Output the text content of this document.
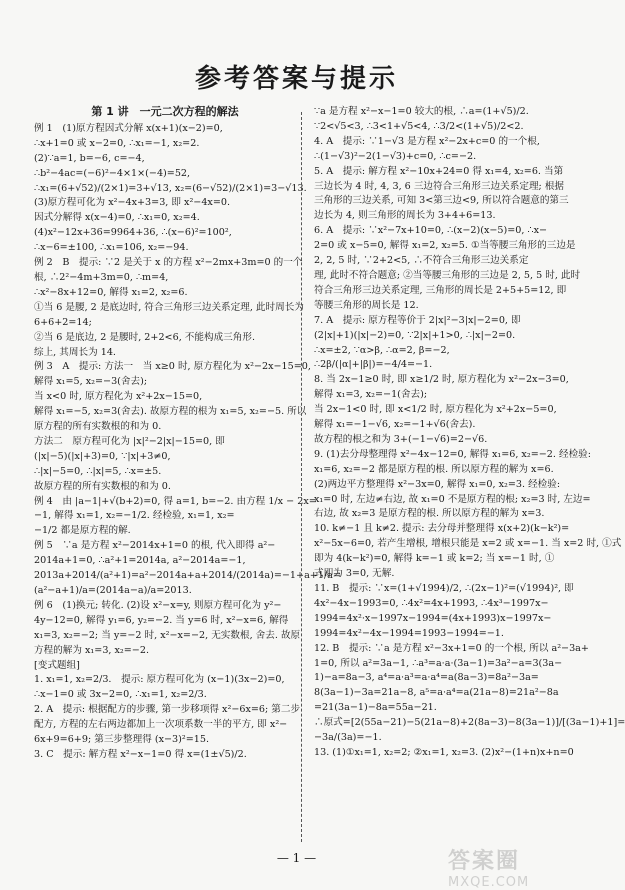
参考答案与提示
第 1 讲　一元二次方程的解法
例 1　(1)原方程因式分解 x(x+1)(x−2)=0,
∴x+1=0 或 x−2=0, ∴x₁=−1, x₂=2.
(2)∵a=1, b=−6, c=−4,
∴b²−4ac=(−6)²−4×1×(−4)=52,
∴x₁=(6+√52)/(2×1)=3+√13, x₂=(6−√52)/(2×1)=3−√13.
(3)原方程可化为 x²−4x+3=3, 即 x²−4x=0.
因式分解得 x(x−4)=0, ∴x₁=0, x₂=4.
(4)x²−12x+36=9964+36, ∴(x−6)²=100²,
∴x−6=±100, ∴x₁=106, x₂=−94.
例 2　B　提示: ∵2 是关于 x 的方程 x²−2mx+3m=0 的一个
根, ∴2²−4m+3m=0, ∴m=4,
∴x²−8x+12=0, 解得 x₁=2, x₂=6.
①当 6 是腰, 2 是底边时, 符合三角形三边关系定理, 此时周长为
6+6+2=14;
②当 6 是底边, 2 是腰时, 2+2<6, 不能构成三角形.
综上, 其周长为 14.
例 3　A　提示: 方法一　当 x≥0 时, 原方程化为 x²−2x−15=0,
解得 x₁=5, x₂=−3(舍去);
当 x<0 时, 原方程化为 x²+2x−15=0,
解得 x₁=−5, x₂=3(舍去). 故原方程的根为 x₁=5, x₂=−5. 所以
原方程的所有实数根的和为 0.
方法二　原方程可化为 |x|²−2|x|−15=0, 即
(|x|−5)(|x|+3)=0, ∵|x|+3≠0,
∴|x|−5=0, ∴|x|=5, ∴x=±5.
故原方程的所有实数根的和为 0.
例 4　由 |a−1|+√(b+2)=0, 得 a=1, b=−2. 由方程 1/x − 2x=
−1, 解得 x₁=1, x₂=−1/2. 经检验, x₁=1, x₂=
−1/2 都是原方程的解.
例 5　∵a 是方程 x²−2014x+1=0 的根, 代入即得 a²−
2014a+1=0, ∴a²+1=2014a, a²−2014a=−1,
2013a+2014/(a²+1)=a²−2014a+a+2014/(2014a)=−1+a+1/a=
(a²−a+1)/a=(2014a−a)/a=2013.
例 6　(1)换元; 转化. (2)设 x²−x=y, 则原方程可化为 y²−
4y−12=0, 解得 y₁=6, y₂=−2. 当 y=6 时, x²−x=6, 解得
x₁=3, x₂=−2; 当 y=−2 时, x²−x=−2, 无实数根, 舍去. 故原
方程的解为 x₁=3, x₂=−2.
[变式题组]
1. x₁=1, x₂=2/3.　提示: 原方程可化为 (x−1)(3x−2)=0,
∴x−1=0 或 3x−2=0, ∴x₁=1, x₂=2/3.
2. A　提示: 根据配方的步骤, 第一步移项得 x²−6x=6; 第二步
配方, 方程的左右两边都加上一次项系数一半的平方, 即 x²−
6x+9=6+9; 第三步整理得 (x−3)²=15.
3. C　提示: 解方程 x²−x−1=0 得 x=(1±√5)/2.
∵a 是方程 x²−x−1=0 较大的根, ∴a=(1+√5)/2.
∵2<√5<3, ∴3<1+√5<4, ∴3/2<(1+√5)/2<2.
4. A　提示: ∵1−√3 是方程 x²−2x+c=0 的一个根,
∴(1−√3)²−2(1−√3)+c=0, ∴c=−2.
5. A　提示: 解方程 x²−10x+24=0 得 x₁=4, x₂=6. 当第
三边长为 4 时, 4, 3, 6 三边符合三角形三边关系定理; 根据
三角形的三边关系, 可知 3<第三边<9, 所以符合题意的第三
边长为 4, 则三角形的周长为 3+4+6=13.
6. A　提示: ∵x²−7x+10=0, ∴(x−2)(x−5)=0, ∴x−
2=0 或 x−5=0, 解得 x₁=2, x₂=5. ①当等腰三角形的三边是
2, 2, 5 时, ∵2+2<5, ∴不符合三角形三边关系定
理, 此时不符合题意; ②当等腰三角形的三边是 2, 5, 5 时, 此时
符合三角形三边关系定理, 三角形的周长是 2+5+5=12, 即
等腰三角形的周长是 12.
7. A　提示: 原方程等价于 2|x|²−3|x|−2=0, 即
(2|x|+1)(|x|−2)=0, ∵2|x|+1>0, ∴|x|−2=0.
∴x=±2, ∵α>β, ∴α=2, β=−2,
∴2β/(|α|+|β|)=−4/4=−1.
8. 当 2x−1≥0 时, 即 x≥1/2 时, 原方程化为 x²−2x−3=0,
解得 x₁=3, x₂=−1(舍去);
当 2x−1<0 时, 即 x<1/2 时, 原方程化为 x²+2x−5=0,
解得 x₁=−1−√6, x₂=−1+√6(舍去).
故方程的根之和为 3+(−1−√6)=2−√6.
9. (1)去分母整理得 x²−4x−12=0, 解得 x₁=6, x₂=−2. 经检验:
x₁=6, x₂=−2 都是原方程的根. 所以原方程的解为 x=6.
(2)两边平方整理得 x²−3x=0, 解得 x₁=0, x₂=3. 经检验:
x₁=0 时, 左边≠右边, 故 x₁=0 不是原方程的根; x₂=3 时, 左边=
右边, 故 x₂=3 是原方程的根. 所以原方程的解为 x=3.
10. k≠−1 且 k≠2. 提示: 去分母并整理得 x(x+2)(k−k²)=
x²−5x−6=0, 若产生增根, 增根只能是 x=2 或 x=−1. 当 x=2 时, ①式
即为 4(k−k²)=0, 解得 k=−1 或 k=2; 当 x=−1 时, ①
式即为 3=0, 无解.
11. B　提示: ∵x=(1+√1994)/2, ∴(2x−1)²=(√1994)², 即
4x²−4x−1993=0, ∴4x²=4x+1993, ∴4x³−1997x−
1994=4x²·x−1997x−1994=(4x+1993)x−1997x−
1994=4x²−4x−1994=1993−1994=−1.
12. B　提示: ∵a 是方程 x²−3x+1=0 的一个根, 所以 a²−3a+
1=0, 所以 a²=3a−1, ∴a³=a·a·(3a−1)=3a²−a=3(3a−
1)−a=8a−3, a⁴=a·a³=a·a⁴=a(8a−3)=8a²−3a=
8(3a−1)−3a=21a−8, a⁵=a·a⁴=a(21a−8)=21a²−8a
=21(3a−1)−8a=55a−21.
∴原式=[2(55a−21)−5(21a−8)+2(8a−3)−8(3a−1)]/[(3a−1)+1]=
−3a/(3a)=−1.
13. (1)①x₁=1, x₂=2; ②x₁=1, x₂=3. (2)x²−(1+n)x+n=0
— 1 —	答案圈
MXQE.COM
